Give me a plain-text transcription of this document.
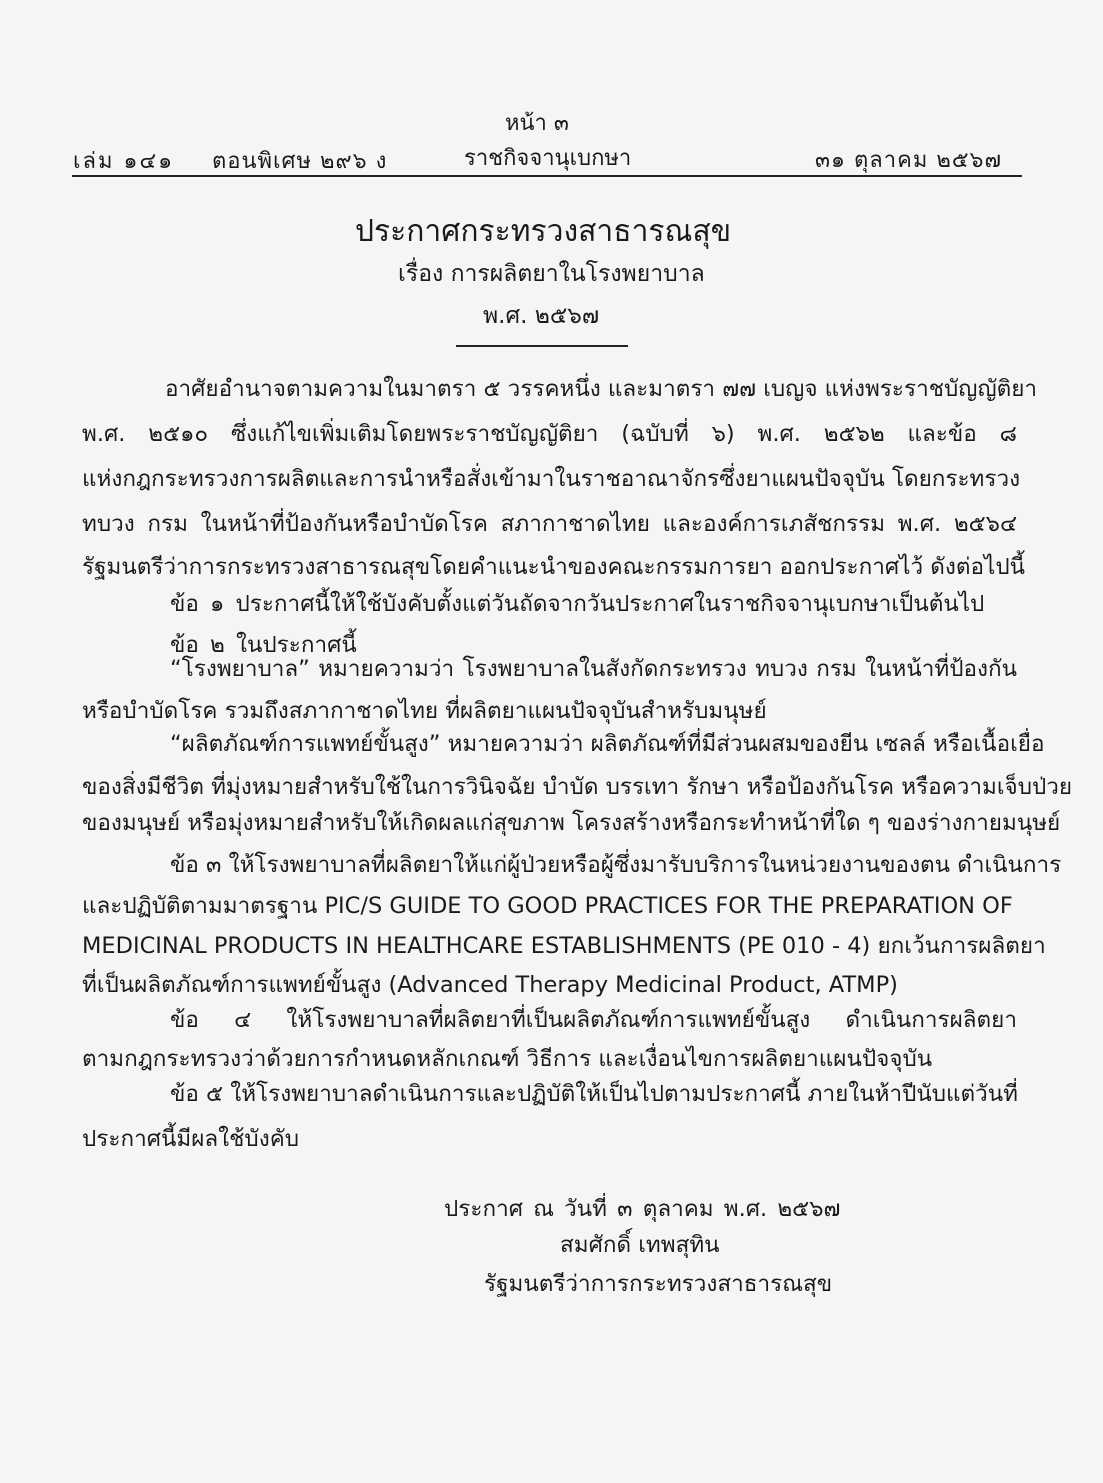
หน้า ๓
เล่ม ๑๔๑ ตอนพิเศษ ๒๙๖ ง	ราชกิจจานุเบกษา	๓๑ ตุลาคม ๒๕๖๗
ประกาศกระทรวงสาธารณสุข
เรื่อง การผลิตยาในโรงพยาบาล
พ.ศ. ๒๕๖๗
อาศัยอำนาจตามความในมาตรา ๕ วรรคหนึ่ง และมาตรา ๗๗ เบญจ แห่งพระราชบัญญัติยา
พ.ศ. ๒๕๑๐ ซึ่งแก้ไขเพิ่มเติมโดยพระราชบัญญัติยา (ฉบับที่ ๖) พ.ศ. ๒๕๖๒ และข้อ ๘
แห่งกฎกระทรวงการผลิตและการนำหรือสั่งเข้ามาในราชอาณาจักรซึ่งยาแผนปัจจุบัน โดยกระทรวง
ทบวง กรม ในหน้าที่ป้องกันหรือบำบัดโรค สภากาชาดไทย และองค์การเภสัชกรรม พ.ศ. ๒๕๖๔
รัฐมนตรีว่าการกระทรวงสาธารณสุขโดยคำแนะนำของคณะกรรมการยา ออกประกาศไว้ ดังต่อไปนี้
ข้อ ๑ ประกาศนี้ให้ใช้บังคับตั้งแต่วันถัดจากวันประกาศในราชกิจจานุเบกษาเป็นต้นไป
ข้อ ๒ ในประกาศนี้
“โรงพยาบาล” หมายความว่า โรงพยาบาลในสังกัดกระทรวง ทบวง กรม ในหน้าที่ป้องกัน
หรือบำบัดโรค รวมถึงสภากาชาดไทย ที่ผลิตยาแผนปัจจุบันสำหรับมนุษย์
“ผลิตภัณฑ์การแพทย์ขั้นสูง” หมายความว่า ผลิตภัณฑ์ที่มีส่วนผสมของยีน เซลล์ หรือเนื้อเยื่อ
ของสิ่งมีชีวิต ที่มุ่งหมายสำหรับใช้ในการวินิจฉัย บำบัด บรรเทา รักษา หรือป้องกันโรค หรือความเจ็บป่วย
ของมนุษย์ หรือมุ่งหมายสำหรับให้เกิดผลแก่สุขภาพ โครงสร้างหรือกระทำหน้าที่ใด ๆ ของร่างกายมนุษย์
ข้อ ๓ ให้โรงพยาบาลที่ผลิตยาให้แก่ผู้ป่วยหรือผู้ซึ่งมารับบริการในหน่วยงานของตน ดำเนินการ
และปฏิบัติตามมาตรฐาน PIC/S GUIDE TO GOOD PRACTICES FOR THE PREPARATION OF
MEDICINAL PRODUCTS IN HEALTHCARE ESTABLISHMENTS (PE 010 - 4) ยกเว้นการผลิตยา
ที่เป็นผลิตภัณฑ์การแพทย์ขั้นสูง (Advanced Therapy Medicinal Product, ATMP)
ข้อ ๔ ให้โรงพยาบาลที่ผลิตยาที่เป็นผลิตภัณฑ์การแพทย์ขั้นสูง ดำเนินการผลิตยา
ตามกฎกระทรวงว่าด้วยการกำหนดหลักเกณฑ์ วิธีการ และเงื่อนไขการผลิตยาแผนปัจจุบัน
ข้อ ๕ ให้โรงพยาบาลดำเนินการและปฏิบัติให้เป็นไปตามประกาศนี้ ภายในห้าปีนับแต่วันที่
ประกาศนี้มีผลใช้บังคับ
ประกาศ ณ วันที่ ๓ ตุลาคม พ.ศ. ๒๕๖๗
สมศักดิ์ เทพสุทิน
รัฐมนตรีว่าการกระทรวงสาธารณสุข
